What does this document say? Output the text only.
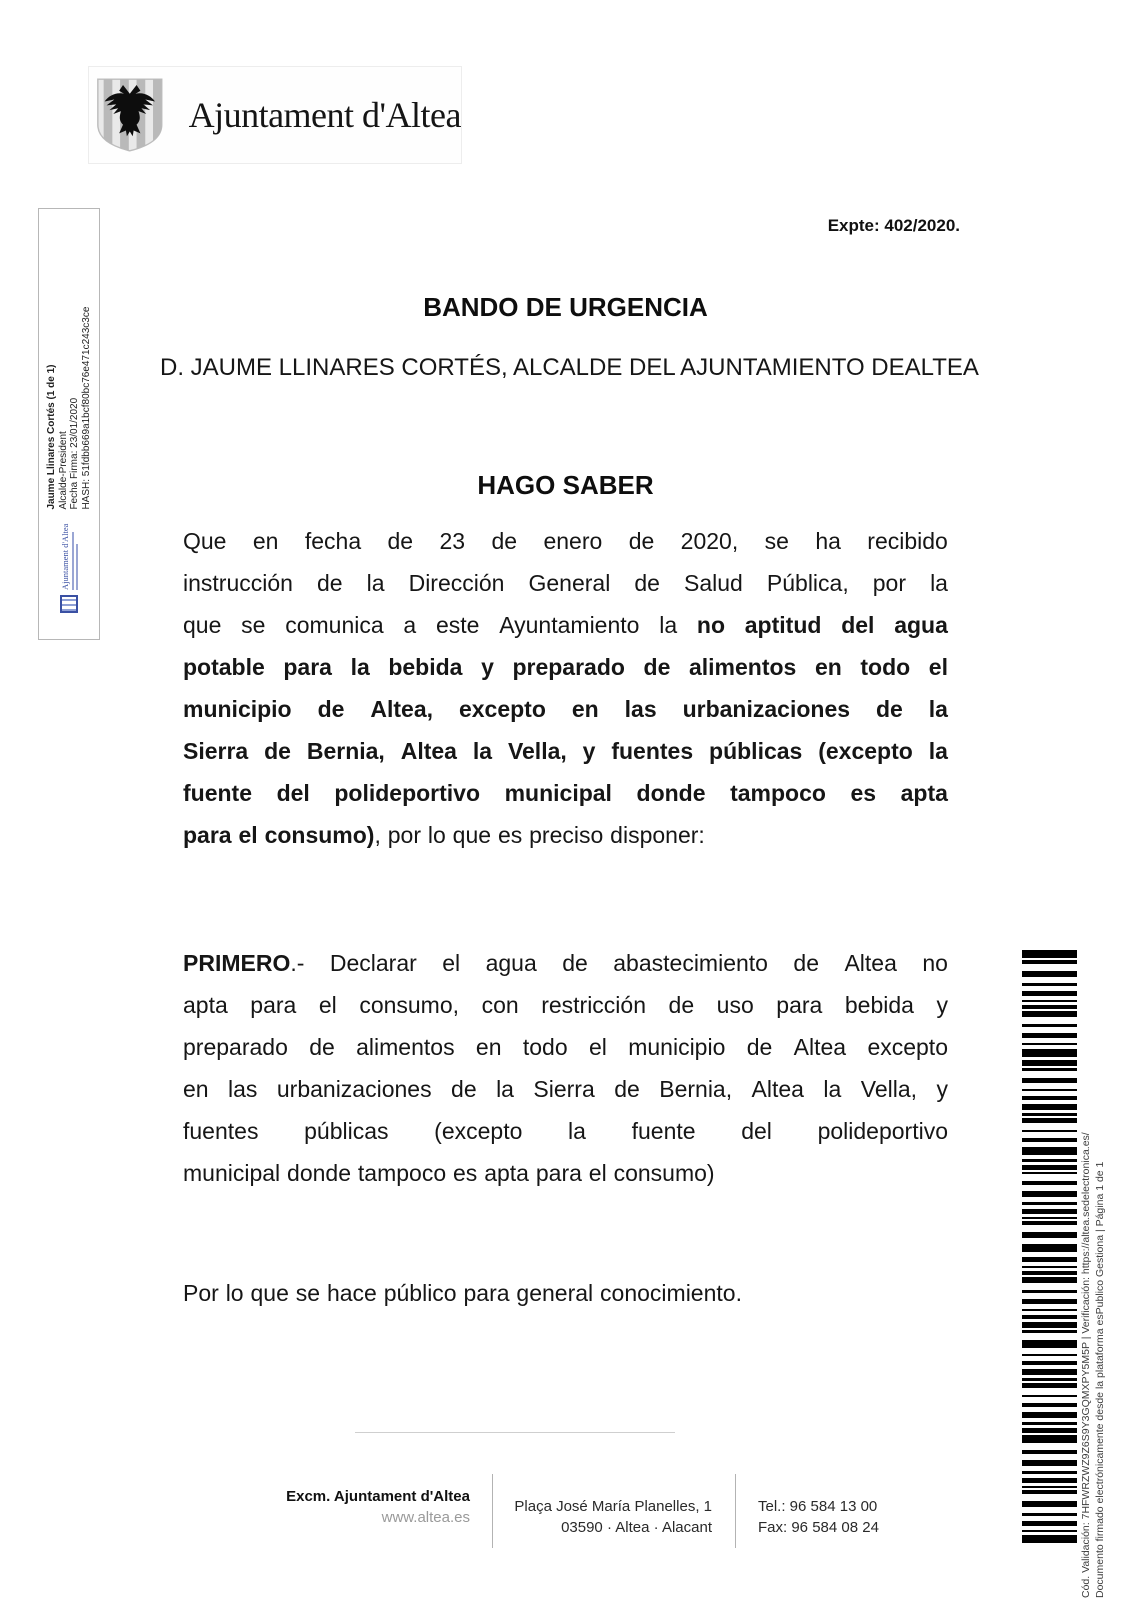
Ajuntament d'Altea
Expte: 402/2020.
Ajuntament d'Altea
Jaume Llinares Cortés (1 de 1) Alcalde-President Fecha Firma: 23/01/2020 HASH: 51fdbb669a1bcf80bc76e471c243c3ce	BANDO DE URGENCIA
D. JAUME LLINARES CORTÉS, ALCALDE DEL AJUNTAMIENTO DEALTEA
HAGO SABER
Que en fecha de 23 de enero de 2020, se ha recibido
instrucción de la Dirección General de Salud Pública, por la
que se comunica a este Ayuntamiento la no aptitud del agua
potable para la bebida y preparado de alimentos en todo el
municipio de Altea, excepto en las urbanizaciones de la
Sierra de Bernia, Altea la Vella, y fuentes públicas (excepto la
fuente del polideportivo municipal donde tampoco es apta
para el consumo), por lo que es preciso disponer:
PRIMERO.- Declarar el agua de abastecimiento de Altea no
apta para el consumo, con restricción de uso para bebida y
preparado de alimentos en todo el municipio de Altea excepto
en las urbanizaciones de la Sierra de Bernia, Altea la Vella, y
fuentes públicas (excepto la fuente del polideportivo
municipal donde tampoco es apta para el consumo)
Por lo que se hace público para general conocimiento.
Excm. Ajuntament d'Altea
www.altea.es
Plaça José María Planelles, 1
03590 · Altea · Alacant
Tel.: 96 584 13 00
Fax: 96 584 08 24	Cód. Validación: 7HFWRZWZ9Z6S9Y3GQMXPY5M5P | Verificación: https://altea.sedelectronica.es/ Documento firmado electrónicamente desde la plataforma esPublico Gestiona | Página 1 de 1
